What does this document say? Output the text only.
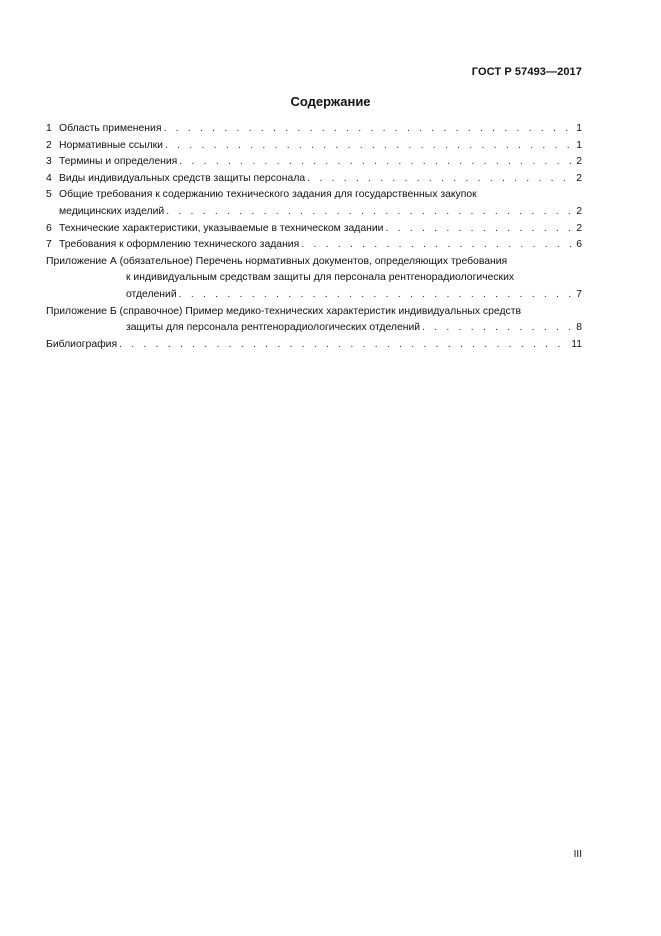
ГОСТ Р 57493—2017
Содержание
1 Область применения . . .	1
2 Нормативные ссылки . . .	1
3 Термины и определения . . .	2
4 Виды индивидуальных средств защиты персонала . . .	2
5 Общие требования к содержанию технического задания для государственных закупок
медицинских изделий . . .	2
6 Технические характеристики, указываемые в техническом задании . . .	2
7 Требования к оформлению технического задания . . .	6
Приложение А (обязательное) Перечень нормативных документов, определяющих требования
к индивидуальным средствам защиты для персонала рентгенорадиологических
отделений . . .	7
Приложение Б (справочное) Пример медико-технических характеристик индивидуальных средств
защиты для персонала рентгенорадиологических отделений . . .	8
Библиография . . .	11
III
